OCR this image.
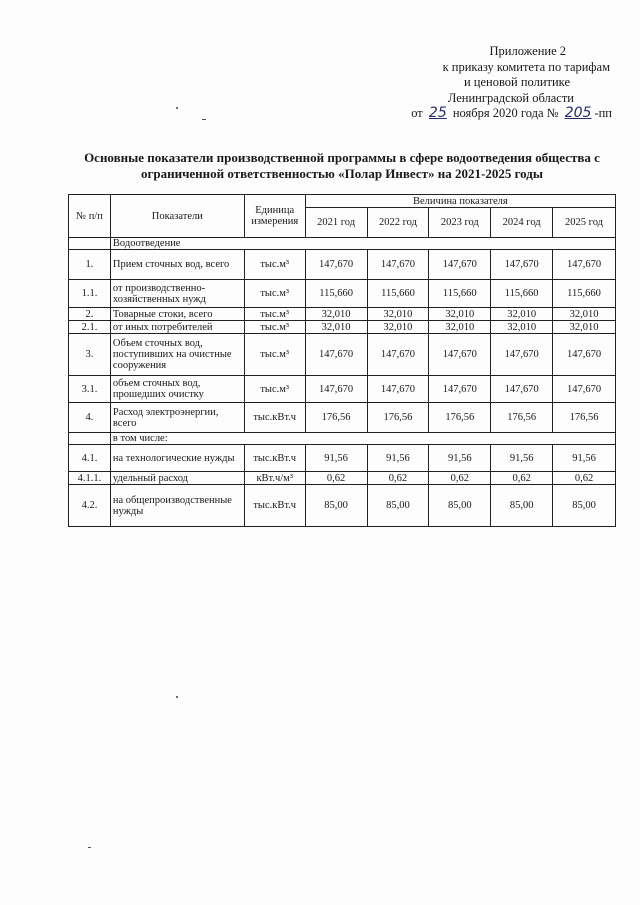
Приложение 2
к приказу комитета по тарифам
и ценовой политике
Ленинградской области
от 25 ноября 2020 года № 205 -пп
Основные показатели производственной программы в сфере водоотведения общества с
ограниченной ответственностью «Полар Инвест» на 2021-2025 годы
№ п/п	Показатели	Единица измерения	Величина показателя				
			2021 год	2022 год	2023 год	2024 год	2025 год
	Водоотведение						
1.	Прием сточных вод, всего	тыс.м³	147,670	147,670	147,670	147,670	147,670
1.1.	от производственно-хозяйственных нужд	тыс.м³	115,660	115,660	115,660	115,660	115,660
2.	Товарные стоки, всего	тыс.м³	32,010	32,010	32,010	32,010	32,010
2.1.	от иных потребителей	тыс.м³	32,010	32,010	32,010	32,010	32,010
3.	Объем сточных вод, поступивших на очистные сооружения	тыс.м³	147,670	147,670	147,670	147,670	147,670
3.1.	объем сточных вод, прошедших очистку	тыс.м³	147,670	147,670	147,670	147,670	147,670
4.	Расход электроэнергии, всего	тыс.кВт.ч	176,56	176,56	176,56	176,56	176,56
	в том числе:						
4.1.	на технологические нужды	тыс.кВт.ч	91,56	91,56	91,56	91,56	91,56
4.1.1.	удельный расход	кВт.ч/м³	0,62	0,62	0,62	0,62	0,62
4.2.	на общепроизводственные нужды	тыс.кВт.ч	85,00	85,00	85,00	85,00	85,00
